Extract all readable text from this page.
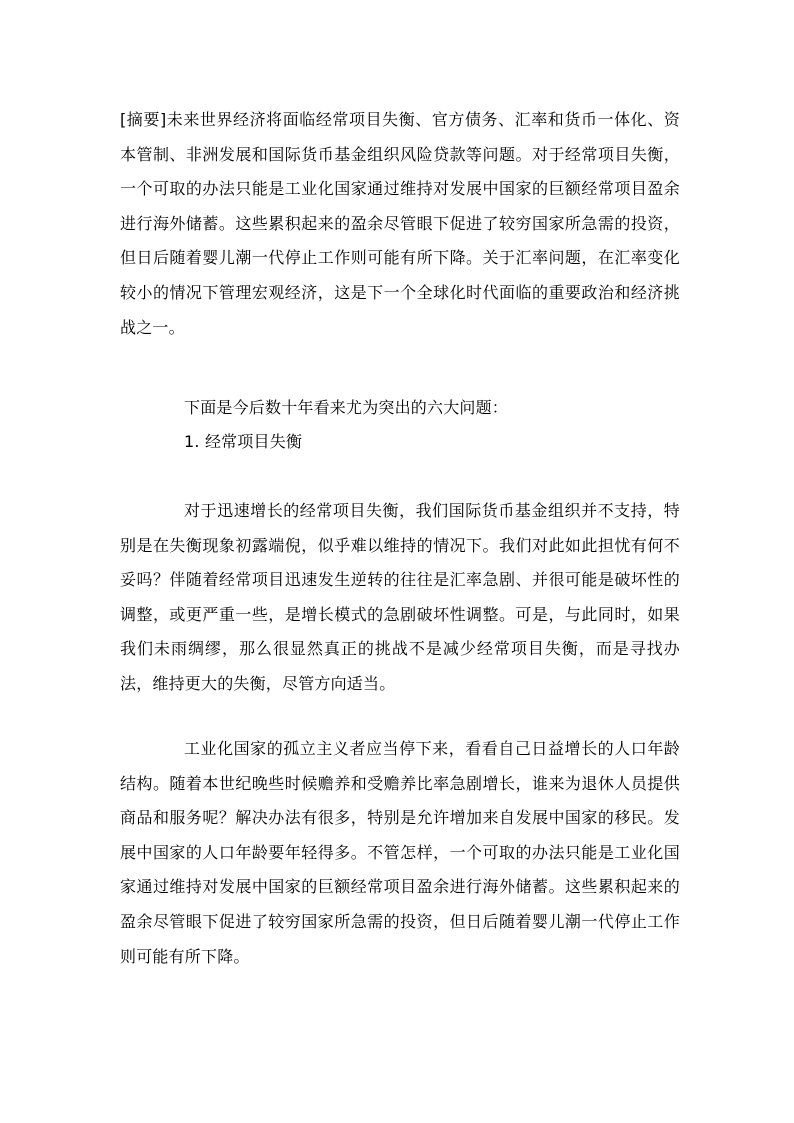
[摘要]未来世界经济将面临经常项目失衡、官方债务、汇率和货币一体化、资本管制、非洲发展和国际货币基金组织风险贷款等问题。对于经常项目失衡，一个可取的办法只能是工业化国家通过维持对发展中国家的巨额经常项目盈余进行海外储蓄。这些累积起来的盈余尽管眼下促进了较穷国家所急需的投资，但日后随着婴儿潮一代停止工作则可能有所下降。关于汇率问题，在汇率变化较小的情况下管理宏观经济，这是下一个全球化时代面临的重要政治和经济挑战之一。

下面是今后数十年看来尤为突出的六大问题：

1. 经常项目失衡

对于迅速增长的经常项目失衡，我们国际货币基金组织并不支持，特别是在失衡现象初露端倪，似乎难以维持的情况下。我们对此如此担忧有何不妥吗？伴随着经常项目迅速发生逆转的往往是汇率急剧、并很可能是破坏性的调整，或更严重一些，是增长模式的急剧破坏性调整。可是，与此同时，如果我们未雨绸缪，那么很显然真正的挑战不是减少经常项目失衡，而是寻找办法，维持更大的失衡，尽管方向适当。

工业化国家的孤立主义者应当停下来，看看自己日益增长的人口年龄结构。随着本世纪晚些时候赡养和受赡养比率急剧增长，谁来为退休人员提供商品和服务呢？解决办法有很多，特别是允许增加来自发展中国家的移民。发展中国家的人口年龄要年轻得多。不管怎样，一个可取的办法只能是工业化国家通过维持对发展中国家的巨额经常项目盈余进行海外储蓄。这些累积起来的盈余尽管眼下促进了较穷国家所急需的投资，但日后随着婴儿潮一代停止工作则可能有所下降。
